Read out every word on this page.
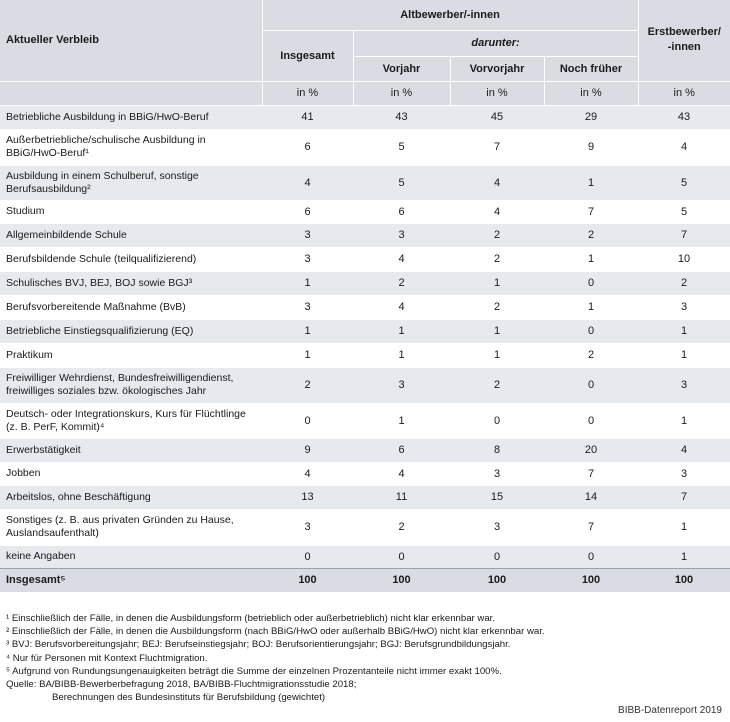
Aktueller Verbleib	Altbewerber/-innen				Erstbewerber/
-innen
	Insgesamt	darunter:			
		Vorjahr	Vorvorjahr	Noch früher	
	in %	in %	in %	in %	in %
Betriebliche Ausbildung in BBiG/HwO-Beruf	41	43	45	29	43
Außerbetriebliche/schulische Ausbildung in BBiG/HwO-Beruf¹	6	5	7	9	4
Ausbildung in einem Schulberuf, sonstige Berufsausbildung²	4	5	4	1	5
Studium	6	6	4	7	5
Allgemeinbildende Schule	3	3	2	2	7
Berufsbildende Schule (teilqualifizierend)	3	4	2	1	10
Schulisches BVJ, BEJ, BOJ sowie BGJ³	1	2	1	0	2
Berufsvorbereitende Maßnahme (BvB)	3	4	2	1	3
Betriebliche Einstiegsqualifizierung (EQ)	1	1	1	0	1
Praktikum	1	1	1	2	1
Freiwilliger Wehrdienst, Bundesfreiwilligendienst, freiwilliges soziales bzw. ökologisches Jahr	2	3	2	0	3
Deutsch- oder Integrationskurs, Kurs für Flüchtlinge (z. B. PerF, Kommit)⁴	0	1	0	0	1
Erwerbstätigkeit	9	6	8	20	4
Jobben	4	4	3	7	3
Arbeitslos, ohne Beschäftigung	13	11	15	14	7
Sonstiges (z. B. aus privaten Gründen zu Hause, Auslandsaufenthalt)	3	2	3	7	1
keine Angaben	0	0	0	0	1
Insgesamt⁵	100	100	100	100	100
¹ Einschließlich der Fälle, in denen die Ausbildungsform (betrieblich oder außerbetrieblich) nicht klar erkennbar war.
² Einschließlich der Fälle, in denen die Ausbildungsform (nach BBiG/HwO oder außerhalb BBiG/HwO) nicht klar erkennbar war.
³ BVJ: Berufsvorbereitungsjahr; BEJ: Berufseinstiegsjahr; BOJ: Berufsorientierungsjahr; BGJ: Berufsgrundbildungsjahr.
⁴ Nur für Personen mit Kontext Fluchtmigration.
⁵ Aufgrund von Rundungsungenauigkeiten beträgt die Summe der einzelnen Prozentanteile nicht immer exakt 100%.
Quelle: BA/BIBB-Bewerberbefragung 2018, BA/BIBB-Fluchtmigrationsstudie 2018;
Berechnungen des Bundesinstituts für Berufsbildung (gewichtet)
BIBB-Datenreport 2019
